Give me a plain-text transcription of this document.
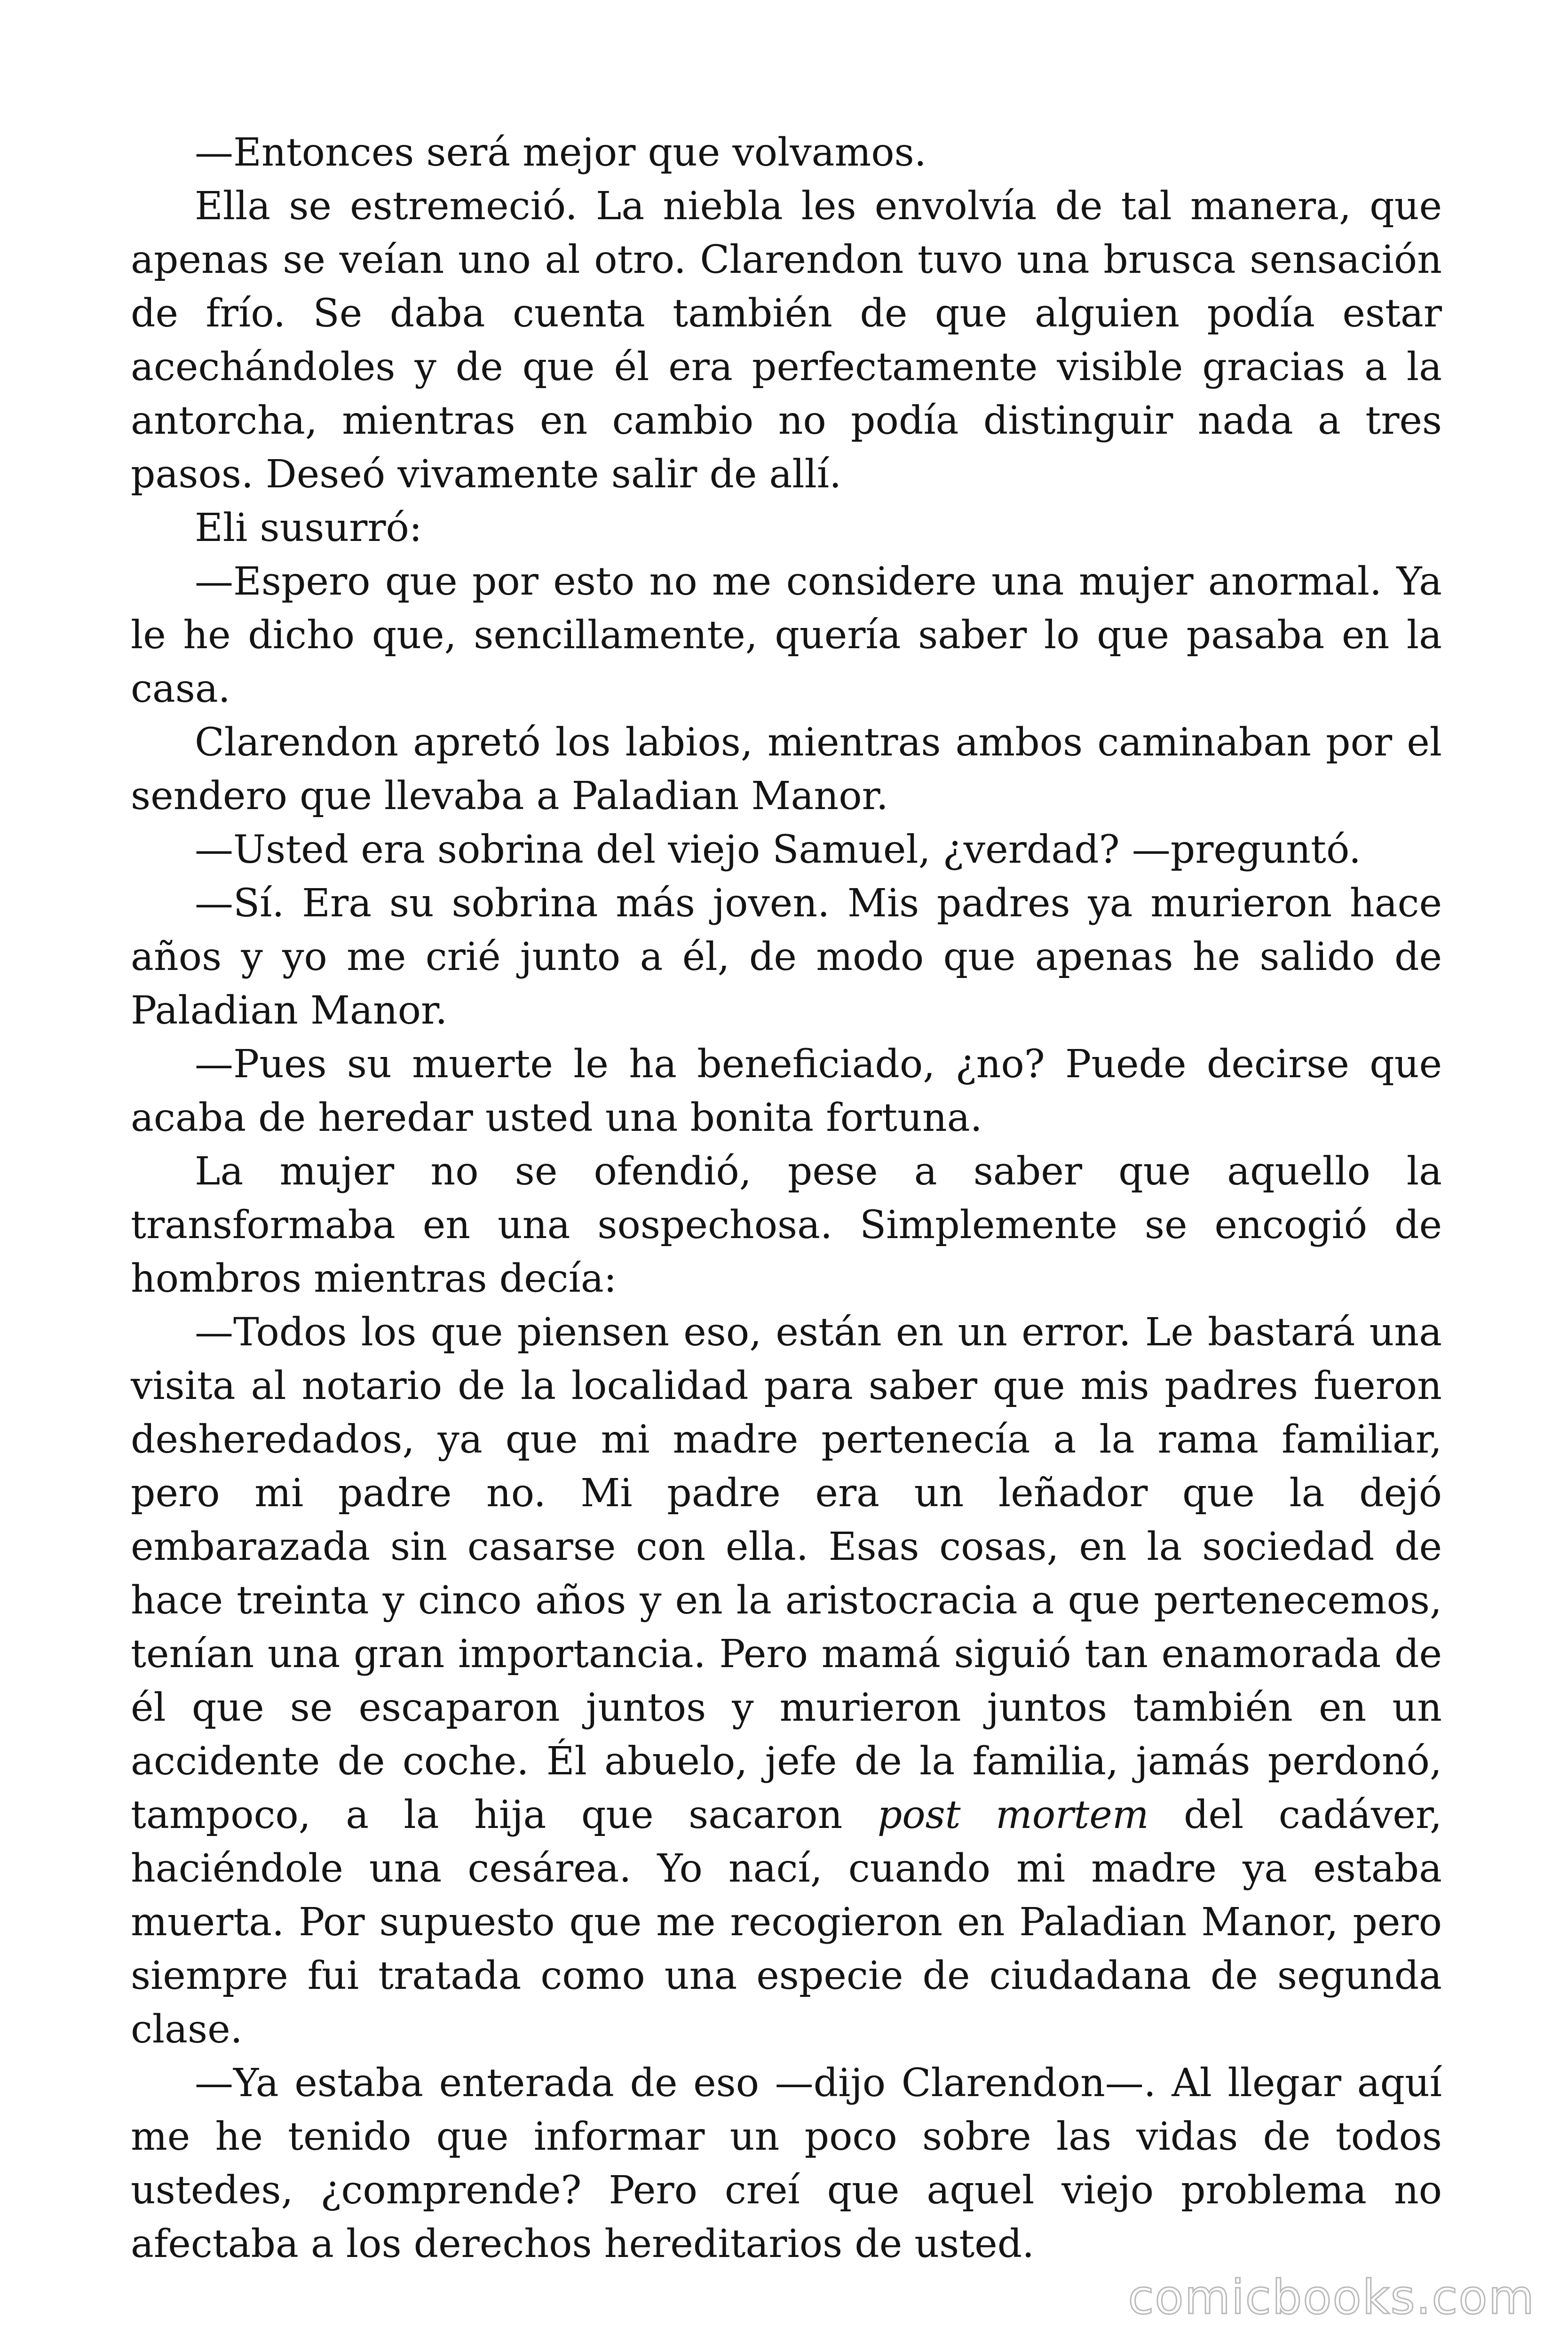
—Entonces será mejor que volvamos.

Ella se estremeció. La niebla les envolvía de tal manera, que apenas se veían uno al otro. Clarendon tuvo una brusca sensación de frío. Se daba cuenta también de que alguien podía estar acechándoles y de que él era perfectamente visible gracias a la antorcha, mientras en cambio no podía distinguir nada a tres pasos. Deseó vivamente salir de allí.

Eli susurró:

—Espero que por esto no me considere una mujer anormal. Ya le he dicho que, sencillamente, quería saber lo que pasaba en la casa.

Clarendon apretó los labios, mientras ambos caminaban por el sendero que llevaba a Paladian Manor.

—Usted era sobrina del viejo Samuel, ¿verdad? —preguntó.

—Sí. Era su sobrina más joven. Mis padres ya murieron hace años y yo me crié junto a él, de modo que apenas he salido de Paladian Manor.

—Pues su muerte le ha beneficiado, ¿no? Puede decirse que acaba de heredar usted una bonita fortuna.

La mujer no se ofendió, pese a saber que aquello la transformaba en una sospechosa. Simplemente se encogió de hombros mientras decía:

—Todos los que piensen eso, están en un error. Le bastará una visita al notario de la localidad para saber que mis padres fueron desheredados, ya que mi madre pertenecía a la rama familiar, pero mi padre no. Mi padre era un leñador que la dejó embarazada sin casarse con ella. Esas cosas, en la sociedad de hace treinta y cinco años y en la aristocracia a que pertenecemos, tenían una gran importancia. Pero mamá siguió tan enamorada de él que se escaparon juntos y murieron juntos también en un accidente de coche. Él abuelo, jefe de la familia, jamás perdonó, tampoco, a la hija que sacaron post mortem del cadáver, haciéndole una cesárea. Yo nací, cuando mi madre ya estaba muerta. Por supuesto que me recogieron en Paladian Manor, pero siempre fui tratada como una especie de ciudadana de segunda clase.

—Ya estaba enterada de eso —dijo Clarendon—. Al llegar aquí me he tenido que informar un poco sobre las vidas de todos ustedes, ¿comprende? Pero creí que aquel viejo problema no afectaba a los derechos hereditarios de usted.

comicbooks.com
